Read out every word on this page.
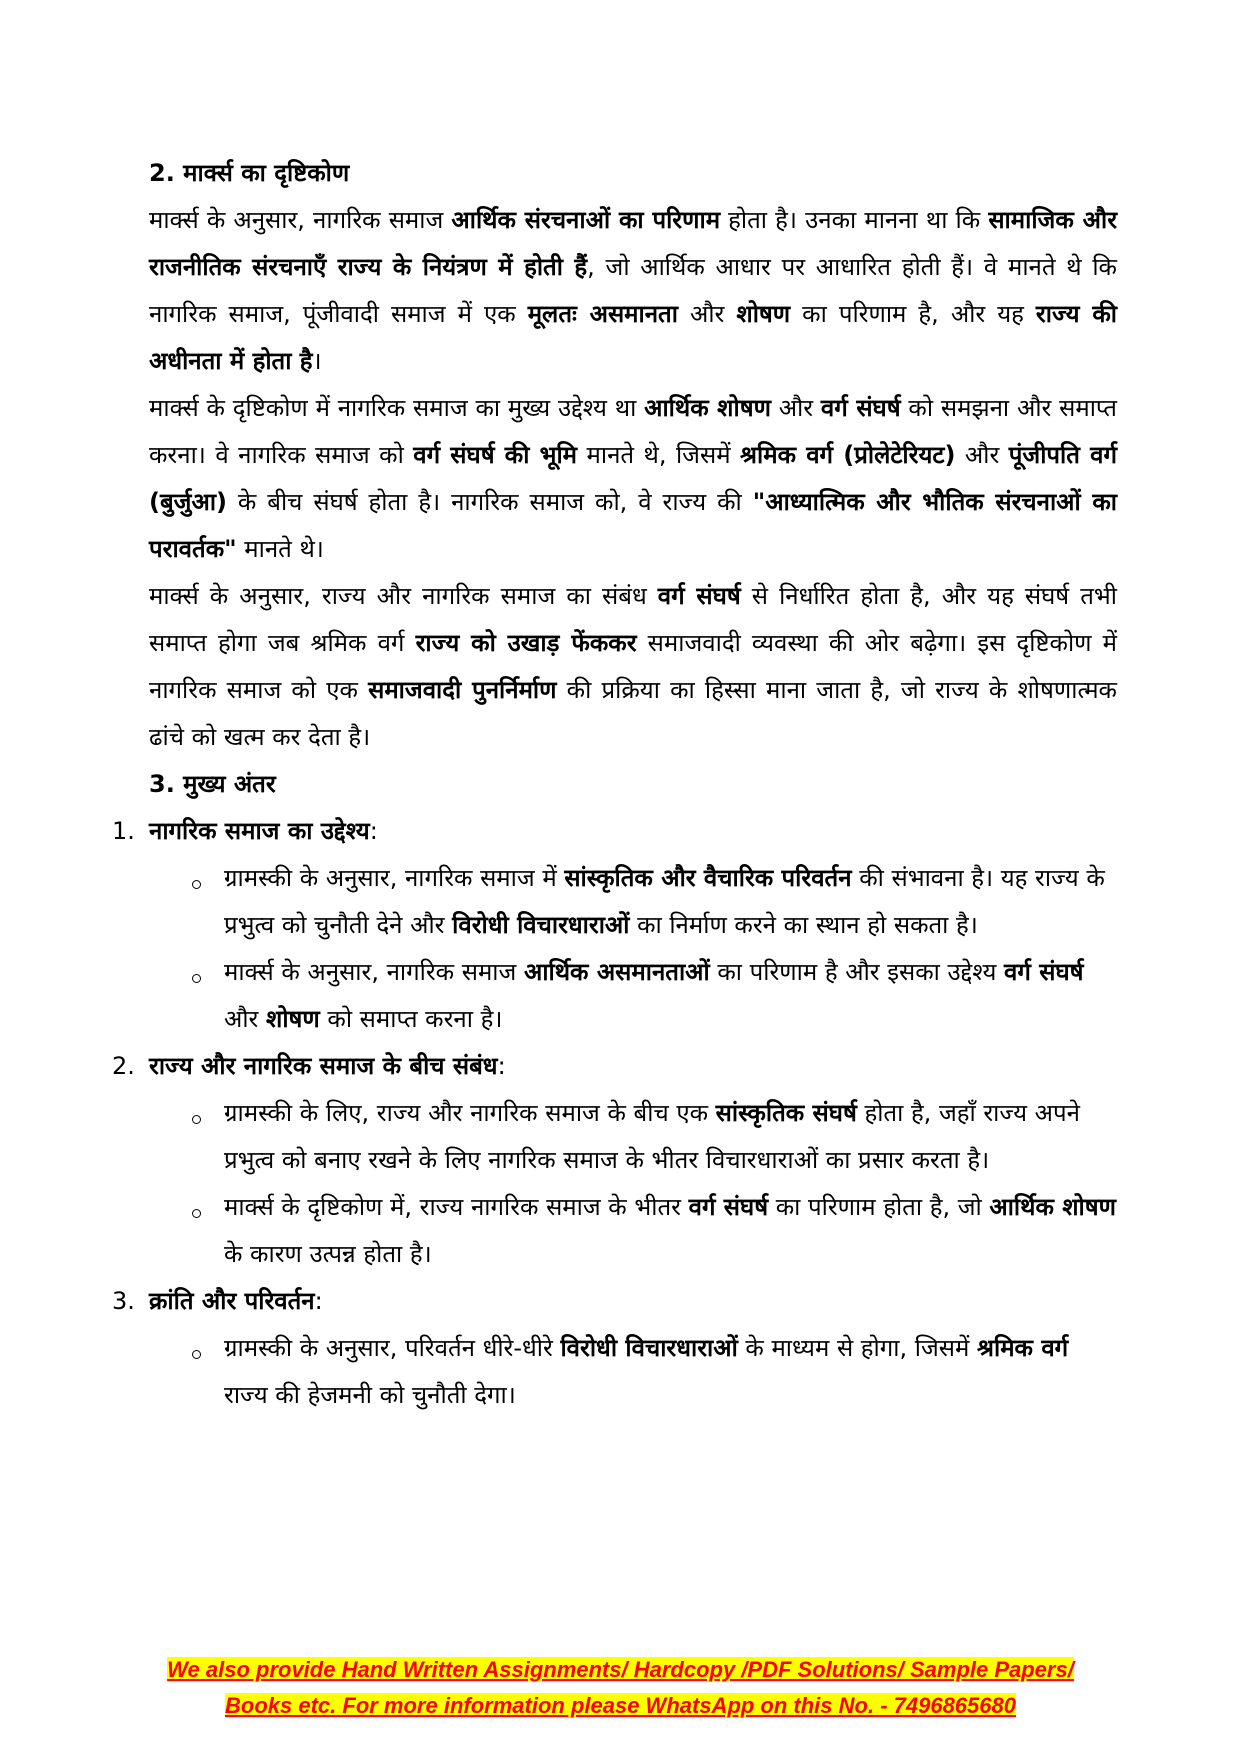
2. मार्क्स का दृष्टिकोण

मार्क्स के अनुसार, नागरिक समाज आर्थिक संरचनाओं का परिणाम होता है। उनका मानना था कि सामाजिक और राजनीतिक संरचनाएँ राज्य के नियंत्रण में होती हैं, जो आर्थिक आधार पर आधारित होती हैं। वे मानते थे कि नागरिक समाज, पूंजीवादी समाज में एक मूलतः असमानता और शोषण का परिणाम है, और यह राज्य की अधीनता में होता है।

मार्क्स के दृष्टिकोण में नागरिक समाज का मुख्य उद्देश्य था आर्थिक शोषण और वर्ग संघर्ष को समझना और समाप्त करना। वे नागरिक समाज को वर्ग संघर्ष की भूमि मानते थे, जिसमें श्रमिक वर्ग (प्रोलेटेरियट) और पूंजीपति वर्ग (बुर्जुआ) के बीच संघर्ष होता है। नागरिक समाज को, वे राज्य की "आध्यात्मिक और भौतिक संरचनाओं का परावर्तक" मानते थे।

मार्क्स के अनुसार, राज्य और नागरिक समाज का संबंध वर्ग संघर्ष से निर्धारित होता है, और यह संघर्ष तभी समाप्त होगा जब श्रमिक वर्ग राज्य को उखाड़ फेंककर समाजवादी व्यवस्था की ओर बढ़ेगा। इस दृष्टिकोण में नागरिक समाज को एक समाजवादी पुनर्निर्माण की प्रक्रिया का हिस्सा माना जाता है, जो राज्य के शोषणात्मक ढांचे को खत्म कर देता है।

3. मुख्य अंतर
1. नागरिक समाज का उद्देश्य:
ग्रामस्की के अनुसार, नागरिक समाज में सांस्कृतिक और वैचारिक परिवर्तन की संभावना है। यह राज्य के प्रभुत्व को चुनौती देने और विरोधी विचारधाराओं का निर्माण करने का स्थान हो सकता है।
मार्क्स के अनुसार, नागरिक समाज आर्थिक असमानताओं का परिणाम है और इसका उद्देश्य वर्ग संघर्ष और शोषण को समाप्त करना है।
2. राज्य और नागरिक समाज के बीच संबंध:
ग्रामस्की के लिए, राज्य और नागरिक समाज के बीच एक सांस्कृतिक संघर्ष होता है, जहाँ राज्य अपने प्रभुत्व को बनाए रखने के लिए नागरिक समाज के भीतर विचारधाराओं का प्रसार करता है।
मार्क्स के दृष्टिकोण में, राज्य नागरिक समाज के भीतर वर्ग संघर्ष का परिणाम होता है, जो आर्थिक शोषण के कारण उत्पन्न होता है।
3. क्रांति और परिवर्तन:
ग्रामस्की के अनुसार, परिवर्तन धीरे-धीरे विरोधी विचारधाराओं के माध्यम से होगा, जिसमें श्रमिक वर्ग राज्य की हेजमनी को चुनौती देगा।
We also provide Hand Written Assignments/ Hardcopy /PDF Solutions/ Sample Papers/
Books etc. For more information please WhatsApp on this No. - 7496865680
